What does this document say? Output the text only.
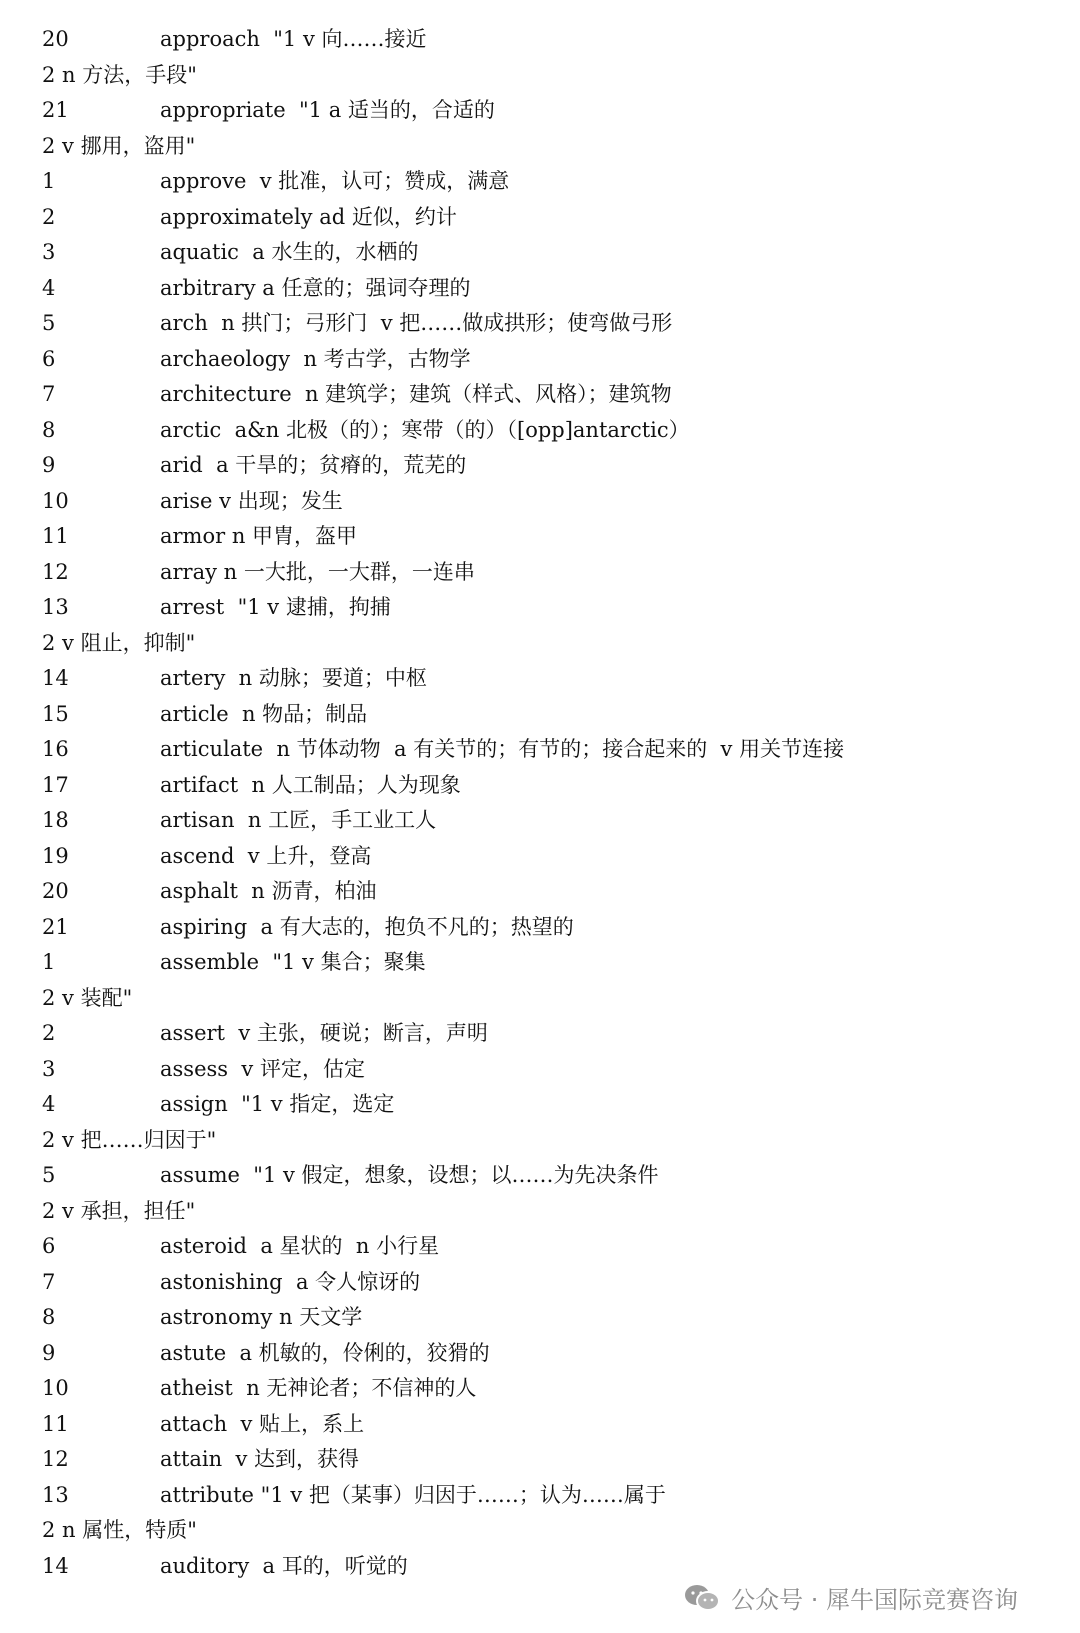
20	approach  "1 v 向……接近
2 n 方法，手段"
21	appropriate  "1 a 适当的，合适的
2 v 挪用，盗用"
1	approve  v 批准，认可；赞成，满意
2	approximately ad 近似，约计
3	aquatic  a 水生的，水栖的
4	arbitrary a 任意的；强词夺理的
5	arch  n 拱门；弓形门  v 把……做成拱形；使弯做弓形
6	archaeology  n 考古学，古物学
7	architecture  n 建筑学；建筑（样式、风格）；建筑物
8	arctic  a&n 北极（的）；寒带（的）（[opp]antarctic）
9	arid  a 干旱的；贫瘠的，荒芜的
10	arise v 出现；发生
11	armor n 甲胄，盔甲
12	array n 一大批，一大群，一连串
13	arrest  "1 v 逮捕，拘捕
2 v 阻止，抑制"
14	artery  n 动脉；要道；中枢
15	article  n 物品；制品
16	articulate  n 节体动物  a 有关节的；有节的；接合起来的  v 用关节连接
17	artifact  n 人工制品；人为现象
18	artisan  n 工匠，手工业工人
19	ascend  v 上升，登高
20	asphalt  n 沥青，柏油
21	aspiring  a 有大志的，抱负不凡的；热望的
1	assemble  "1 v 集合；聚集
2 v 装配"
2	assert  v 主张，硬说；断言，声明
3	assess  v 评定，估定
4	assign  "1 v 指定，选定
2 v 把……归因于"
5	assume  "1 v 假定，想象，设想；以……为先决条件
2 v 承担，担任"
6	asteroid  a 星状的  n 小行星
7	astonishing  a 令人惊讶的
8	astronomy n 天文学
9	astute  a 机敏的，伶俐的，狡猾的
10	atheist  n 无神论者；不信神的人
11	attach  v 贴上，系上
12	attain  v 达到，获得
13	attribute "1 v 把（某事）归因于……；认为……属于
2 n 属性，特质"
14	auditory  a 耳的，听觉的
公众号 · 犀牛国际竞赛咨询
